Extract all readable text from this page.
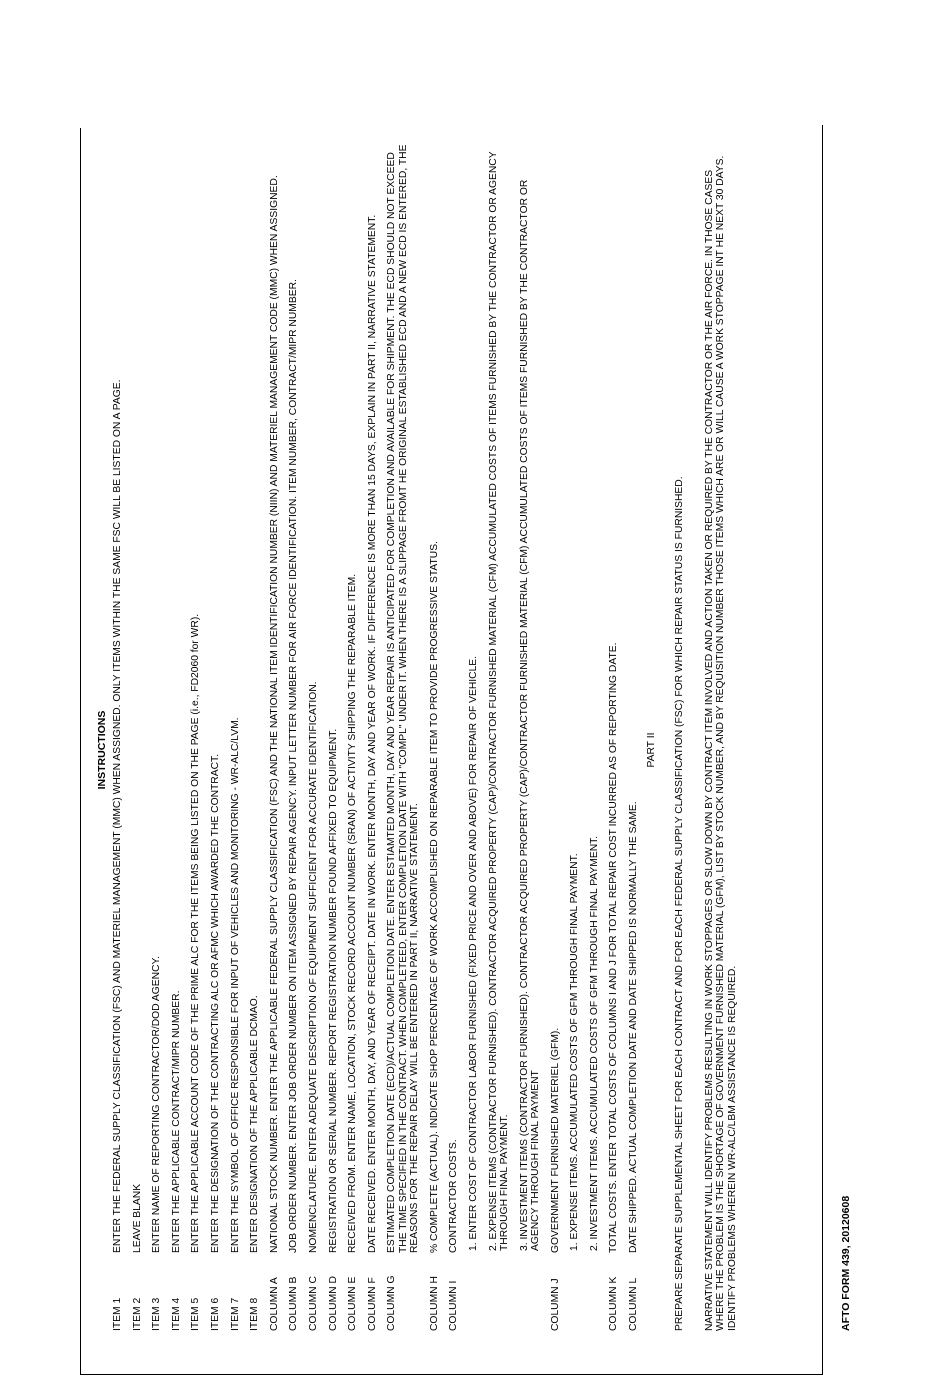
INSTRUCTIONS
ITEM 1
ENTER THE FEDERAL SUPPLY CLASSIFICATION (FSC) AND MATERIEL MANAGEMENT (MMC) WHEN ASSIGNED. ONLY ITEMS WITHIN THE SAME FSC WILL BE LISTED ON A PAGE.
ITEM 2
LEAVE BLANK
ITEM 3
ENTER NAME OF REPORTING CONTRACTOR/DOD AGENCY.
ITEM 4
ENTER THE APPLICABLE CONTRACT/MIPR NUMBER.
ITEM 5
ENTER THE APPLICABLE ACCOUNT CODE OF THE PRIME ALC FOR THE ITEMS BEING LISTED ON THE PAGE (i.e., FD2060 for WR).
ITEM 6
ENTER THE DESIGNATION OF THE CONTRACTING ALC OR AFMC WHICH AWARDED THE CONTRACT.
ITEM 7
ENTER THE SYMBOL OF OFFICE RESPONSIBLE FOR INPUT OF VEHICLES AND MONITORING - WR-ALC/LVM.
ITEM 8
ENTER DESIGNATION OF THE APPLICABLE DCMAO.
COLUMN A
NATIONAL STOCK NUMBER. ENTER THE APPLICABLE FEDERAL SUPPLY CLASSIFICATION (FSC) AND THE NATIONAL ITEM IDENTIFICATION NUMBER (NIIN) AND MATERIEL MANAGEMENT CODE (MMC) WHEN ASSIGNED.
COLUMN B
JOB ORDER NUMBER. ENTER JOB ORDER NUMBER ON ITEM ASSIGNED BY REPAIR AGENCY. INPUT LETTER NUMBER FOR AIR FORCE IDENTIFICATION. ITEM NUMBER, CONTRACT/MIPR NUMBER.
COLUMN C
NOMENCLATURE. ENTER ADEQUATE DESCRIPTION OF EQUIPMENT SUFFICIENT FOR ACCURATE IDENTIFICATION.
COLUMN D
REGISTRATION OR SERIAL NUMBER. REPORT REGISTRATION NUMBER FOUND AFFIXED TO EQUIPMENT.
COLUMN E
RECEIVED FROM. ENTER NAME, LOCATION, STOCK RECORD ACCOUNT NUMBER (SRAN) OF ACTIVITY SHIPPING THE REPARABLE ITEM.
COLUMN F
DATE RECEIVED. ENTER MONTH, DAY, AND YEAR OF RECEIPT. DATE IN WORK. ENTER MONTH, DAY AND YEAR OF WORK. IF DIFFERENCE IS MORE THAN 15 DAYS, EXPLAIN IN PART II, NARRATIVE STATEMENT.
COLUMN G
ESTIMATED COMPLETION DATE (ECD)/ACTUAL COMPLETION DATE. ENTER ESTIAMTED MONTH, DAY AND YEAR REPAIR IS ANTICIPATED FOR COMPLETION AND AVAILABLE FOR SHIPMENT. THE ECD SHOULD NOT EXCEED THE TIME SPECIFIED IN THE CONTRACT. WHEN COMPLETEED, ENTER COMPLETION DATE WITH "COMPL" UNDER IT. WHEN THERE IS A SLIPPAGE FROMT HE ORIGINAL ESTABLISHED ECD AND A NEW ECD IS ENTERED, THE REASONS FOR THE REPAIR DELAY WILL BE ENTERED IN PART II, NARRATIVE STATEMENT.
COLUMN H
% COMPLETE (ACTUAL). INDICATE SHOP PERCENTAGE OF WORK ACCOMPLISHED ON REPARABLE ITEM TO PROVIDE PROGRESSIVE STATUS.
COLUMN I
CONTRACTOR COSTS. 1. ENTER COST OF CONTRACTOR LABOR FURNISHED (FIXED PRICE AND OVER AND ABOVE) FOR REPAIR OF VEHICLE. 2. EXPENSE ITEMS (CONTRACTOR FURNISHED). CONTRACTOR ACQUIRED PROPERTY (CAP)/CONTRACTOR FURNISHED MATERIAL (CFM) ACCUMULATED COSTS OF ITEMS FURNISHED BY THE CONTRACTOR OR AGENCY THROUGH FINAL PAYMENT. 3. INVESTMENT ITEMS (CONTRACTOR FURNISHED). CONTRACTOR ACQUIRED PROPERTY (CAP)/CONTRACTOR FURNISHED MATERIAL (CFM) ACCUMULATED COSTS OF ITEMS FURNISHED BY THE CONTRACTOR OR AGENCY THROUGH FINAL PAYMENT
COLUMN J
GOVERNMENT FURNISHED MATERIEL (GFM). 1. EXPENSE ITEMS. ACCUMULATED COSTS OF GFM THROUGH FINAL PAYMENT. 2. INVESTMENT ITEMS. ACCUMULATED COSTS OF GFM THROUGH FINAL PAYMENT.
COLUMN K
TOTAL COSTS. ENTER TOTAL COSTS OF COLUMNS I AND J FOR TOTAL REPAIR COST INCURRED AS OF REPORTING DATE.
COLUMN L
DATE SHIPPED. ACTUAL COMPLETION DATE AND DATE SHIPPED IS NORMALLY THE SAME.
PART II PREPARE SEPARATE SUPPLEMENTAL SHEET FOR EACH CONTRACT AND FOR EACH FEDERAL SUPPLY CLASSIFICATION (FSC) FOR WHICH REPAIR STATUS IS FURNISHED. NARRATIVE STATEMENT WILL IDENTIFY PROBLEMS RESULTING IN WORK STOPPAGES OR SLOW DOWN BY CONTRACT ITEM INVOLVED AND ACTION TAKEN OR REQUIRED BY THE CONTRACTOR OR THE AIR FORCE. IN THOSE CASES WHERE THE PROBLEM IS THE SHORTAGE OF GOVERNMENT FURNISHED MATERIAL (GFM), LIST BY STOCK NUMBER, AND BY REQUISITION NUMBER THOSE ITEMS WHICH ARE OR WILL CAUSE A WORK STOPPAGE INT HE NEXT 30 DAYS. IDENTIFY PROBLEMS WHEREIN WR-ALC/LBM ASSISTANCE IS REQUIRED.	AFTO FORM 439, 20120608
